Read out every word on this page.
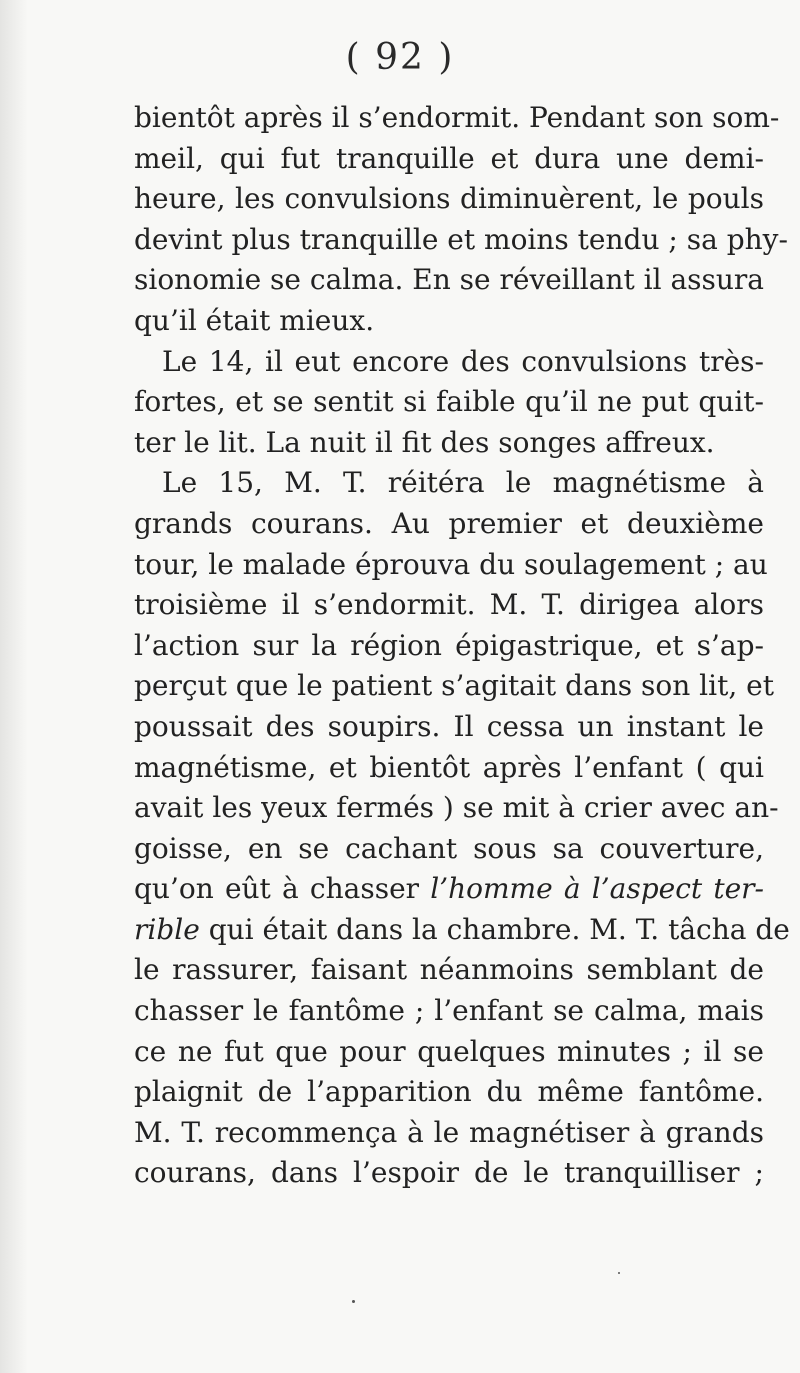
( 92 )
bientôt après il s’endormit. Pendant son som-
meil, qui fut tranquille et dura une demi-
heure, les convulsions diminuèrent, le pouls
devint plus tranquille et moins tendu ; sa phy-
sionomie se calma. En se réveillant il assura
qu’il était mieux.
Le 14, il eut encore des convulsions très-
fortes, et se sentit si faible qu’il ne put quit-
ter le lit. La nuit il fit des songes affreux.
Le 15, M. T. réitéra le magnétisme à
grands courans. Au premier et deuxième
tour, le malade éprouva du soulagement ; au
troisième il s’endormit. M. T. dirigea alors
l’action sur la région épigastrique, et s’ap-
perçut que le patient s’agitait dans son lit, et
poussait des soupirs. Il cessa un instant le
magnétisme, et bientôt après l’enfant ( qui
avait les yeux fermés ) se mit à crier avec an-
goisse, en se cachant sous sa couverture,
qu’on eût à chasser l’homme à l’aspect ter-
rible qui était dans la chambre. M. T. tâcha de
le rassurer, faisant néanmoins semblant de
chasser le fantôme ; l’enfant se calma, mais
ce ne fut que pour quelques minutes ; il se
plaignit de l’apparition du même fantôme.
M. T. recommença à le magnétiser à grands
courans, dans l’espoir de le tranquilliser ;
